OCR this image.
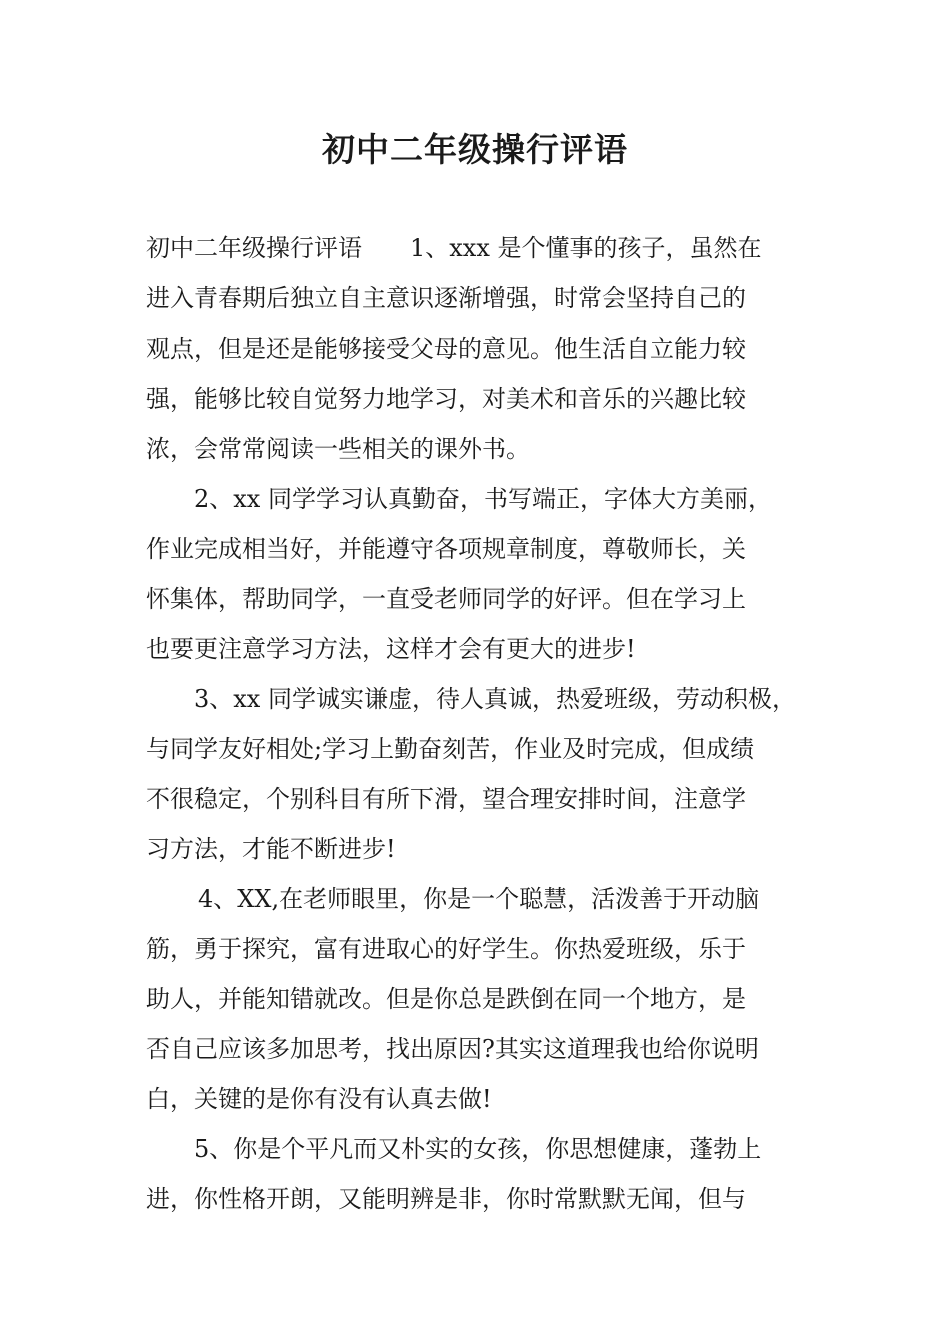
初中二年级操行评语

初中二年级操行评语 1、xxx 是个懂事的孩子，虽然在

进入青春期后独立自主意识逐渐增强，时常会坚持自己的

观点，但是还是能够接受父母的意见。他生活自立能力较

强，能够比较自觉努力地学习，对美术和音乐的兴趣比较

浓，会常常阅读一些相关的课外书。

2、xx 同学学习认真勤奋，书写端正，字体大方美丽，

作业完成相当好，并能遵守各项规章制度，尊敬师长，关

怀集体，帮助同学，一直受老师同学的好评。但在学习上

也要更注意学习方法，这样才会有更大的进步!

3、xx 同学诚实谦虚，待人真诚，热爱班级，劳动积极，

与同学友好相处;学习上勤奋刻苦，作业及时完成，但成绩

不很稳定，个别科目有所下滑，望合理安排时间，注意学

习方法，才能不断进步!

4、XX,在老师眼里，你是一个聪慧，活泼善于开动脑

筋，勇于探究，富有进取心的好学生。你热爱班级，乐于

助人，并能知错就改。但是你总是跌倒在同一个地方，是

否自己应该多加思考，找出原因?其实这道理我也给你说明

白，关键的是你有没有认真去做!

5、你是个平凡而又朴实的女孩，你思想健康，蓬勃上

进，你性格开朗，又能明辨是非，你时常默默无闻，但与
